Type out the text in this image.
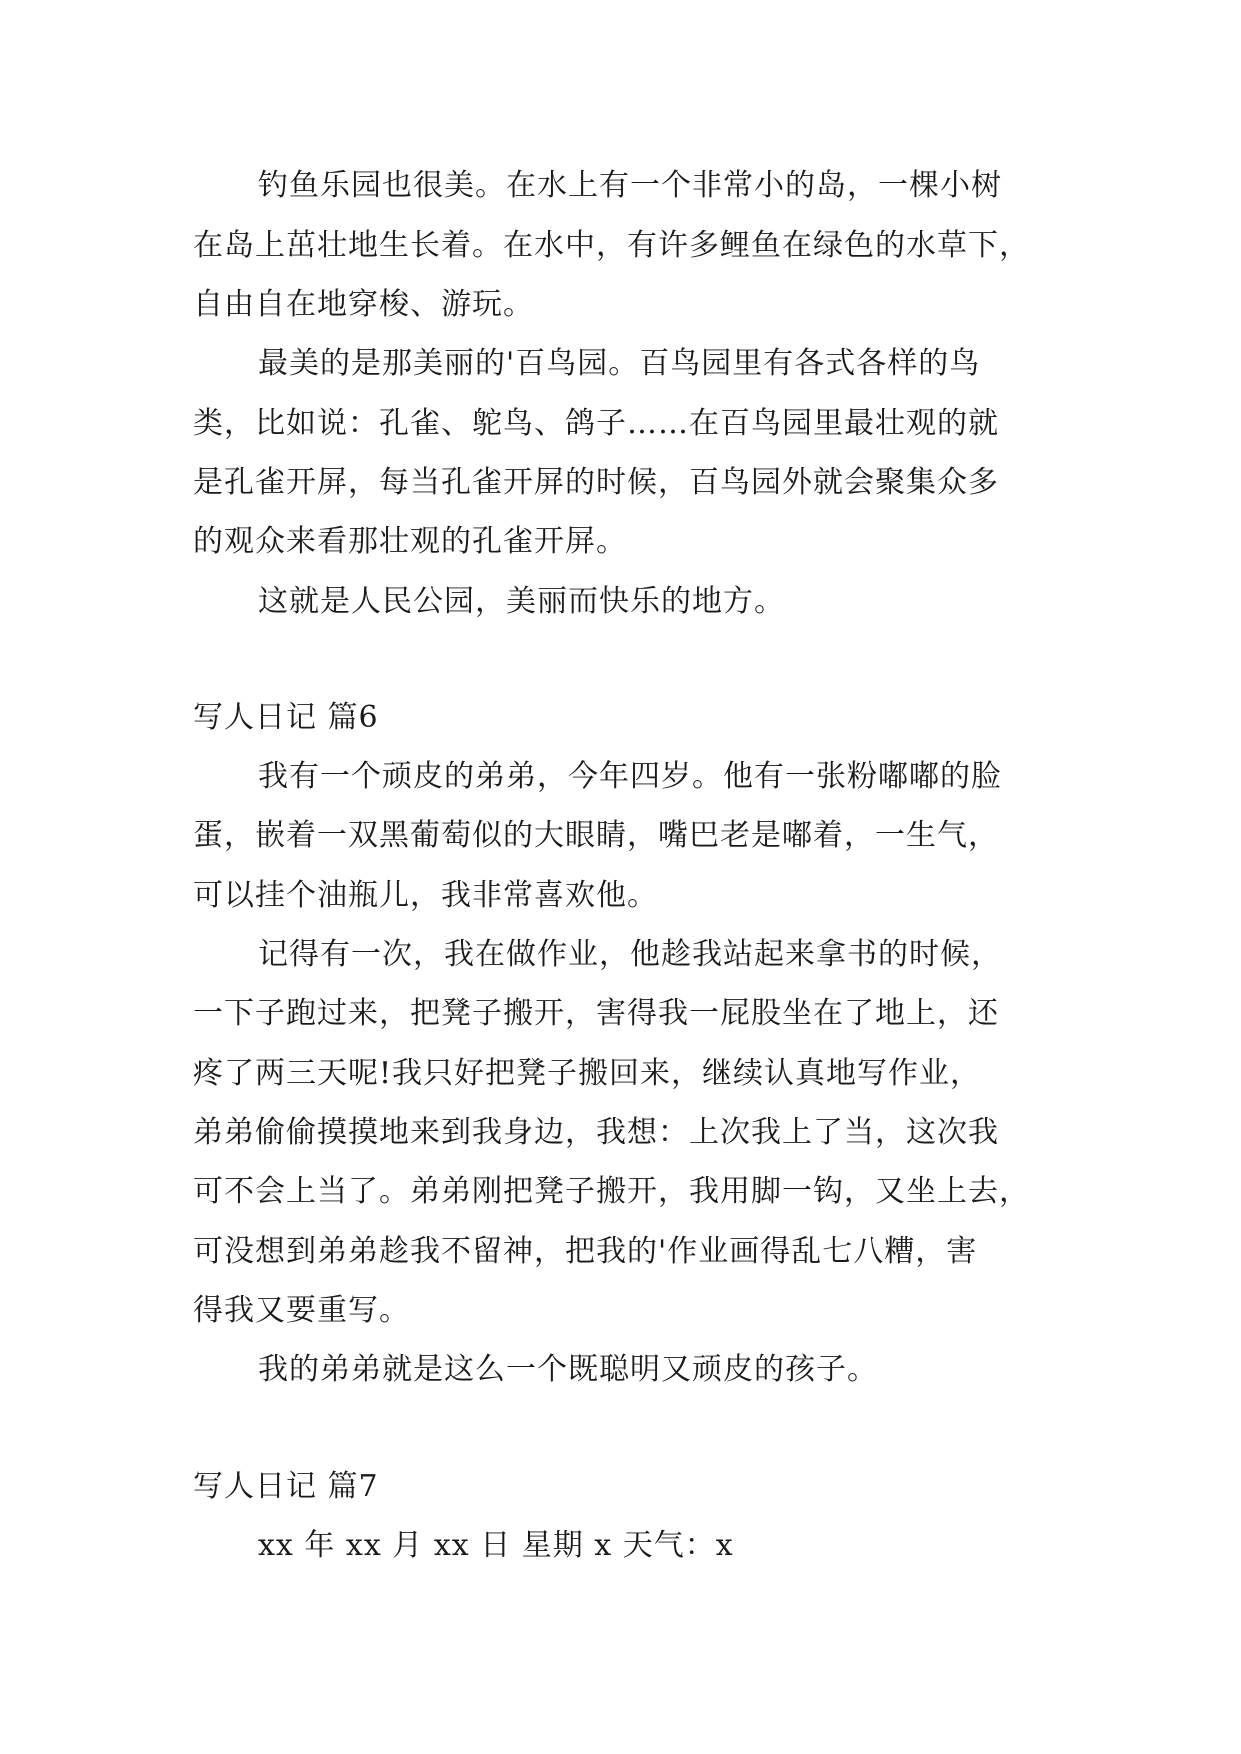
钓鱼乐园也很美。在水上有一个非常小的岛，一棵小树
在岛上茁壮地生长着。在水中，有许多鲤鱼在绿色的水草下，
自由自在地穿梭、游玩。
最美的是那美丽的'百鸟园。百鸟园里有各式各样的鸟
类，比如说：孔雀、鸵鸟、鸽子……在百鸟园里最壮观的就
是孔雀开屏，每当孔雀开屏的时候，百鸟园外就会聚集众多
的观众来看那壮观的孔雀开屏。
这就是人民公园，美丽而快乐的地方。
写人日记 篇6
我有一个顽皮的弟弟，今年四岁。他有一张粉嘟嘟的脸
蛋，嵌着一双黑葡萄似的大眼睛，嘴巴老是嘟着，一生气，
可以挂个油瓶儿，我非常喜欢他。
记得有一次，我在做作业，他趁我站起来拿书的时候，
一下子跑过来，把凳子搬开，害得我一屁股坐在了地上，还
疼了两三天呢!我只好把凳子搬回来，继续认真地写作业，
弟弟偷偷摸摸地来到我身边，我想：上次我上了当，这次我
可不会上当了。弟弟刚把凳子搬开，我用脚一钩，又坐上去，
可没想到弟弟趁我不留神，把我的'作业画得乱七八糟，害
得我又要重写。
我的弟弟就是这么一个既聪明又顽皮的孩子。
写人日记 篇7
xx 年 xx 月 xx 日 星期 x 天气：x
